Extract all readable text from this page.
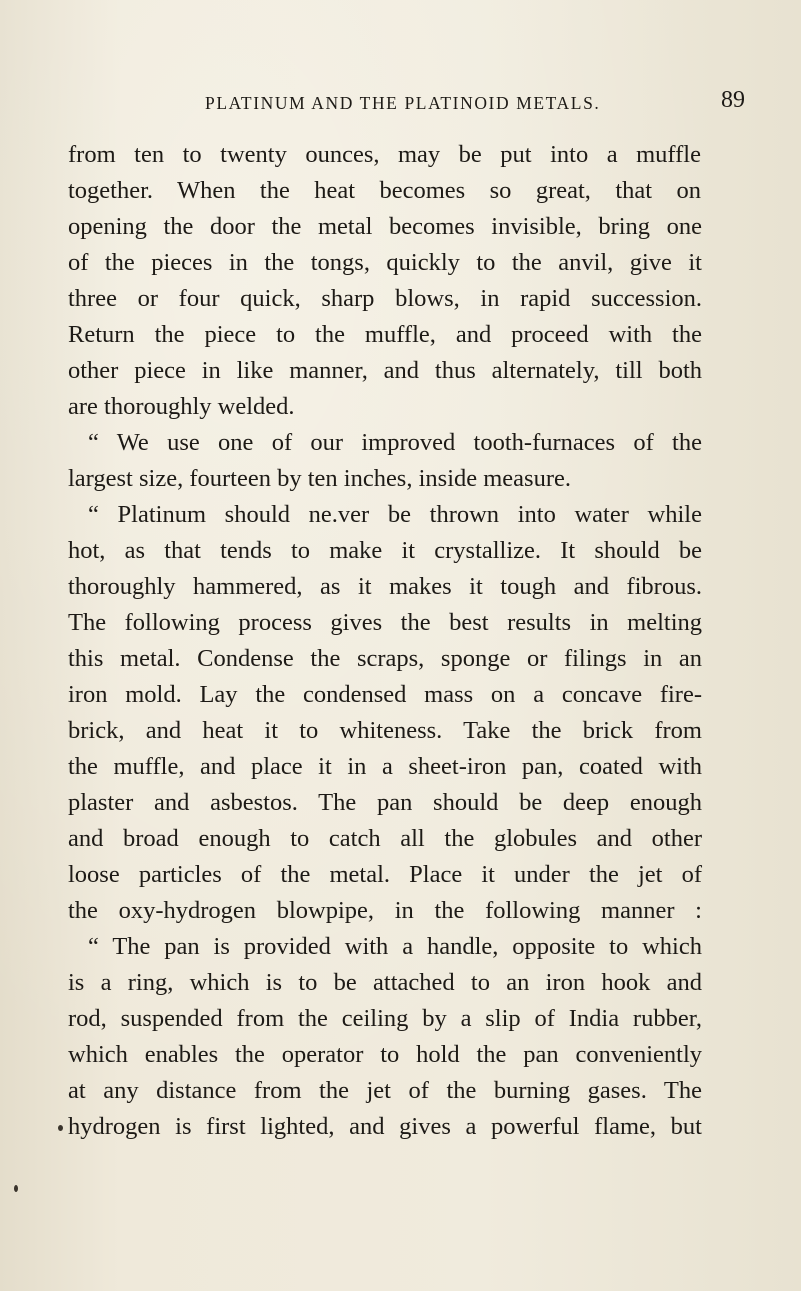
PLATINUM AND THE PLATINOID METALS.	89
from ten to twenty ounces, may be put into a muffle
together. When the heat becomes so great, that on
opening the door the metal becomes invisible, bring one
of the pieces in the tongs, quickly to the anvil, give it
three or four quick, sharp blows, in rapid succession.
Return the piece to the muffle, and proceed with the
other piece in like manner, and thus alternately, till both
are thoroughly welded.
“ We use one of our improved tooth-furnaces of the
largest size, fourteen by ten inches, inside measure.
“ Platinum should ne.ver be thrown into water while
hot, as that tends to make it crystallize. It should be
thoroughly hammered, as it makes it tough and fibrous.
The following process gives the best results in melting
this metal. Condense the scraps, sponge or filings in an
iron mold. Lay the condensed mass on a concave fire-
brick, and heat it to whiteness. Take the brick from
the muffle, and place it in a sheet-iron pan, coated with
plaster and asbestos. The pan should be deep enough
and broad enough to catch all the globules and other
loose particles of the metal. Place it under the jet of
the oxy-hydrogen blowpipe, in the following manner :
“ The pan is provided with a handle, opposite to which
is a ring, which is to be attached to an iron hook and
rod, suspended from the ceiling by a slip of India rubber,
which enables the operator to hold the pan conveniently
at any distance from the jet of the burning gases. The
hydrogen is first lighted, and gives a powerful flame, but
